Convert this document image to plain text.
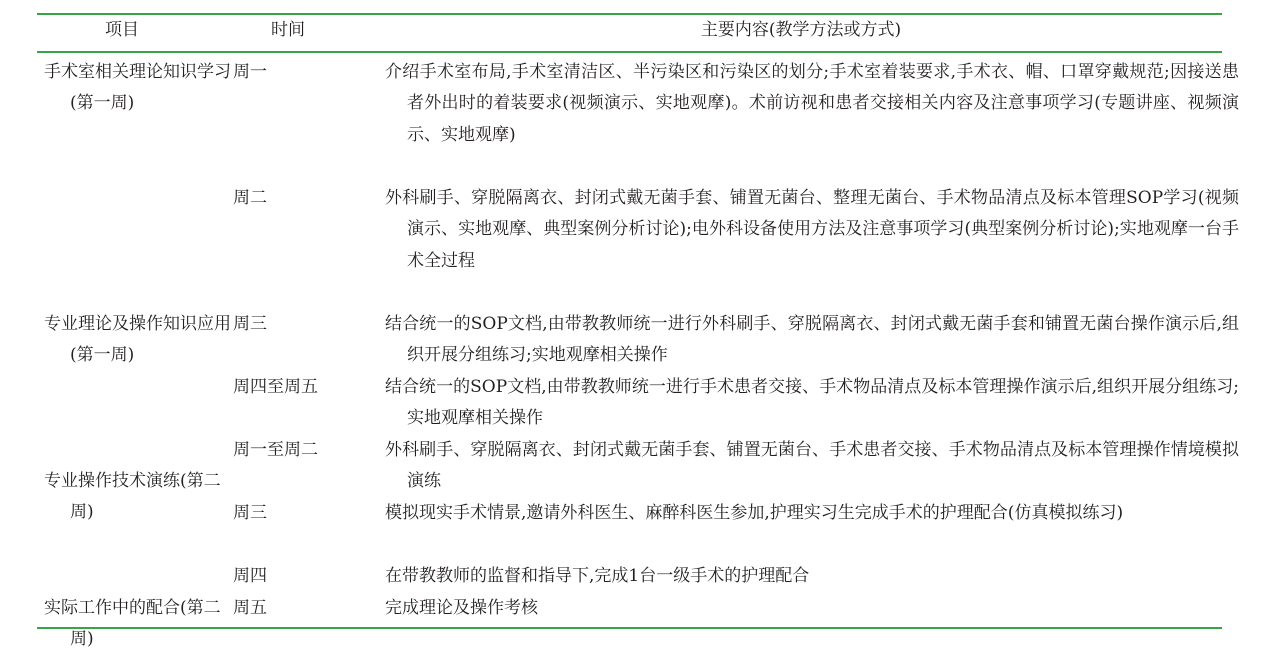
项目	时间	主要内容(教学方法或方式)
手术室相关理论知识学习(第一周)
专业理论及操作知识应用(第一周)
专业操作技术演练(第二周)
实际工作中的配合(第二周)
周一
周二
周三
周四至周五
周一至周二
周三
周四
周五
介绍手术室布局,手术室清洁区、半污染区和污染区的划分;手术室着装要求,手术衣、帽、口罩穿戴规范;因接送患者外出时的着装要求(视频演示、实地观摩)。术前访视和患者交接相关内容及注意事项学习(专题讲座、视频演示、实地观摩)
外科刷手、穿脱隔离衣、封闭式戴无菌手套、铺置无菌台、整理无菌台、手术物品清点及标本管理SOP学习(视频演示、实地观摩、典型案例分析讨论);电外科设备使用方法及注意事项学习(典型案例分析讨论);实地观摩一台手术全过程
结合统一的SOP文档,由带教教师统一进行外科刷手、穿脱隔离衣、封闭式戴无菌手套和铺置无菌台操作演示后,组织开展分组练习;实地观摩相关操作
结合统一的SOP文档,由带教教师统一进行手术患者交接、手术物品清点及标本管理操作演示后,组织开展分组练习;实地观摩相关操作
外科刷手、穿脱隔离衣、封闭式戴无菌手套、铺置无菌台、手术患者交接、手术物品清点及标本管理操作情境模拟演练
模拟现实手术情景,邀请外科医生、麻醉科医生参加,护理实习生完成手术的护理配合(仿真模拟练习)
在带教教师的监督和指导下,完成1台一级手术的护理配合
完成理论及操作考核
